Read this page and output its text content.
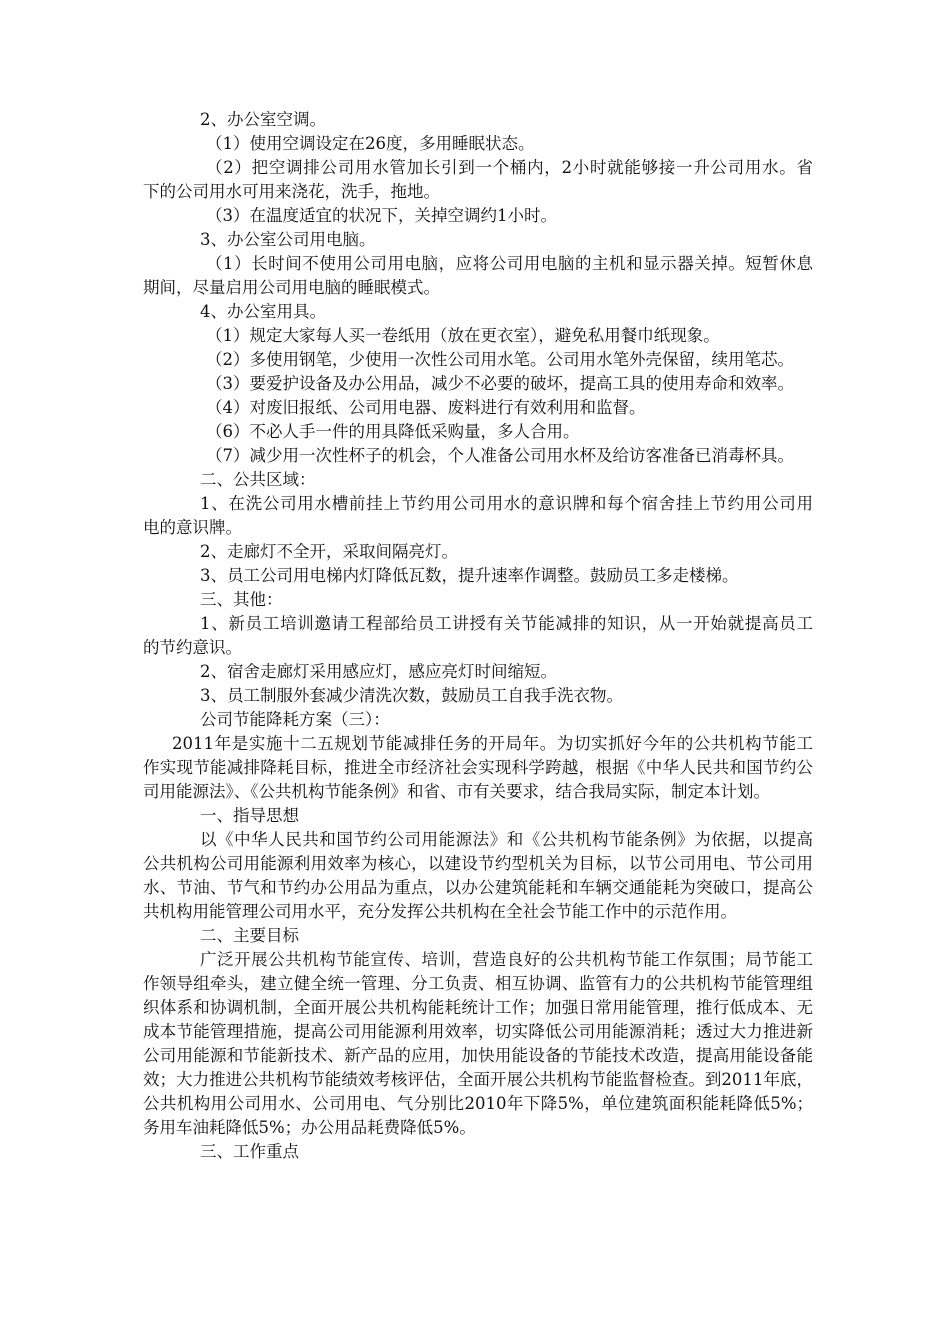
2、办公室空调。
（1）使用空调设定在26度，多用睡眠状态。
（2）把空调排公司用水管加长引到一个桶内，2小时就能够接一升公司用水。省
下的公司用水可用来浇花，洗手，拖地。
（3）在温度适宜的状况下，关掉空调约1小时。
3、办公室公司用电脑。
（1）长时间不使用公司用电脑，应将公司用电脑的主机和显示器关掉。短暂休息
期间，尽量启用公司用电脑的睡眠模式。
4、办公室用具。
（1）规定大家每人买一卷纸用（放在更衣室），避免私用餐巾纸现象。
（2）多使用钢笔，少使用一次性公司用水笔。公司用水笔外壳保留，续用笔芯。
（3）要爱护设备及办公用品，减少不必要的破坏，提高工具的使用寿命和效率。
（4）对废旧报纸、公司用电器、废料进行有效利用和监督。
（6）不必人手一件的用具降低采购量，多人合用。
（7）减少用一次性杯子的机会，个人准备公司用水杯及给访客准备已消毒杯具。
二、公共区域：
1、在洗公司用水槽前挂上节约用公司用水的意识牌和每个宿舍挂上节约用公司用
电的意识牌。
2、走廊灯不全开，采取间隔亮灯。
3、员工公司用电梯内灯降低瓦数，提升速率作调整。鼓励员工多走楼梯。
三、其他：
1、新员工培训邀请工程部给员工讲授有关节能减排的知识，从一开始就提高员工
的节约意识。
2、宿舍走廊灯采用感应灯，感应亮灯时间缩短。
3、员工制服外套减少清洗次数，鼓励员工自我手洗衣物。
公司节能降耗方案（三）：
2011年是实施十二五规划节能减排任务的开局年。为切实抓好今年的公共机构节能工
作实现节能减排降耗目标，推进全市经济社会实现科学跨越，根据《中华人民共和国节约公
司用能源法》、《公共机构节能条例》和省、市有关要求，结合我局实际，制定本计划。
一、指导思想
以《中华人民共和国节约公司用能源法》和《公共机构节能条例》为依据，以提高
公共机构公司用能源利用效率为核心，以建设节约型机关为目标，以节公司用电、节公司用
水、节油、节气和节约办公用品为重点，以办公建筑能耗和车辆交通能耗为突破口，提高公
共机构用能管理公司用水平，充分发挥公共机构在全社会节能工作中的示范作用。
二、主要目标
广泛开展公共机构节能宣传、培训，营造良好的公共机构节能工作氛围；局节能工
作领导组牵头，建立健全统一管理、分工负责、相互协调、监管有力的公共机构节能管理组
织体系和协调机制，全面开展公共机构能耗统计工作；加强日常用能管理，推行低成本、无
成本节能管理措施，提高公司用能源利用效率，切实降低公司用能源消耗；透过大力推进新
公司用能源和节能新技术、新产品的应用，加快用能设备的节能技术改造，提高用能设备能
效；大力推进公共机构节能绩效考核评估，全面开展公共机构节能监督检查。到2011年底，
公共机构用公司用水、公司用电、气分别比2010年下降5%，单位建筑面积能耗降低5%；
务用车油耗降低5%；办公用品耗费降低5%。
三、工作重点
